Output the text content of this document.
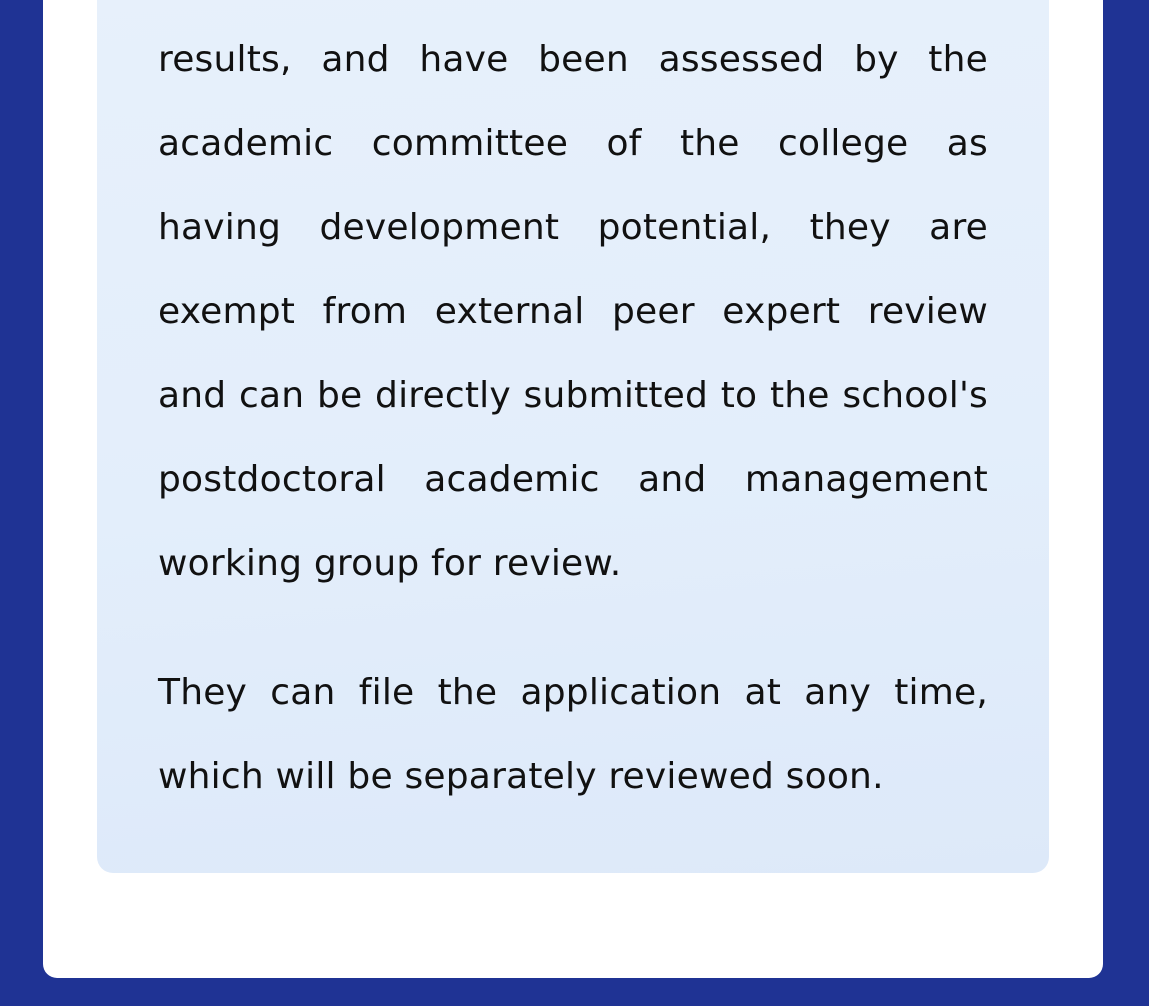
results, and have been assessed by the academic committee of the college as having development potential, they are exempt from external peer expert review and can be directly submitted to the school's postdoctoral academic and management working group for review.

They can file the application at any time, which will be separately reviewed soon.
